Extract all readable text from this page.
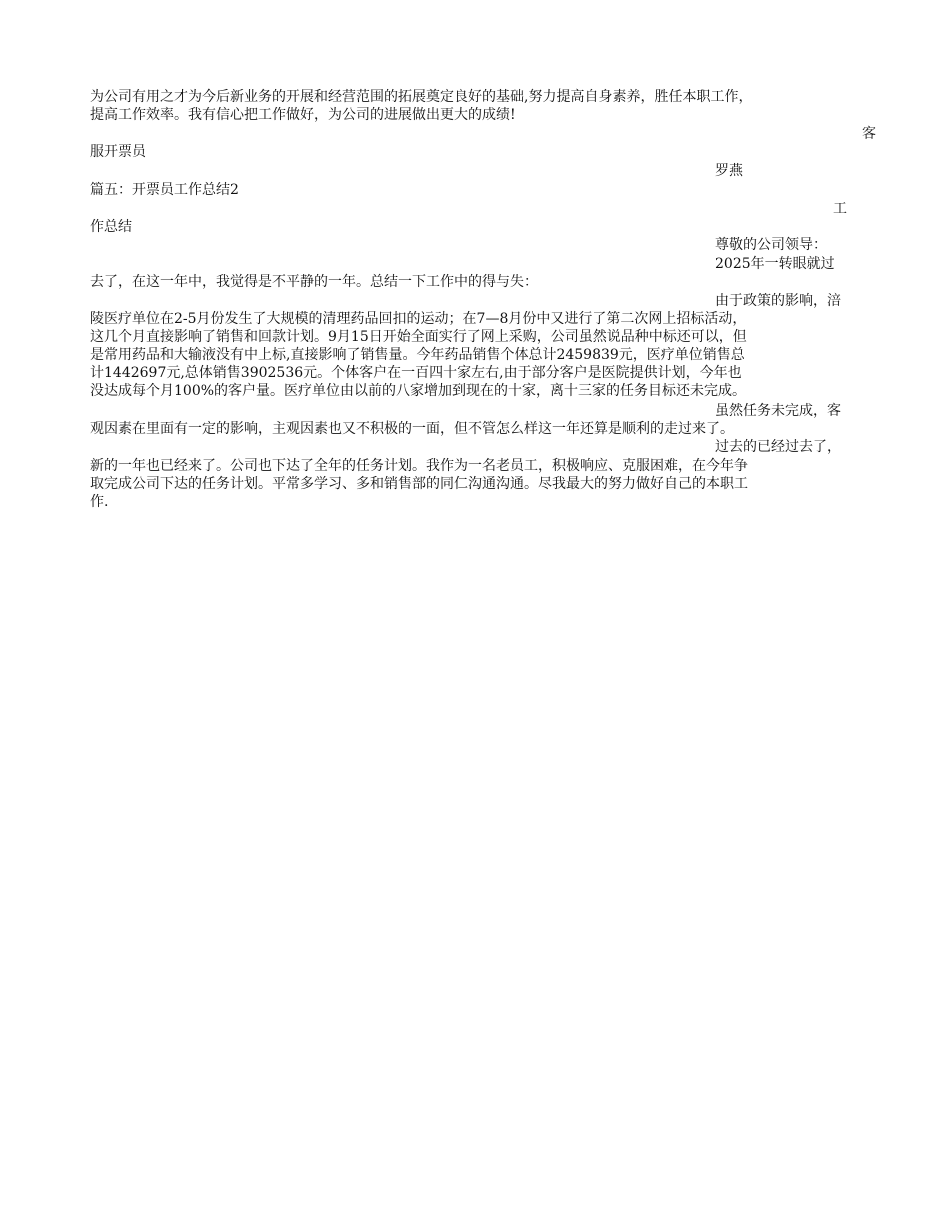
为公司有用之才为今后新业务的开展和经营范围的拓展奠定良好的基础,努力提高自身素养，胜任本职工作，
提高工作效率。我有信心把工作做好，为公司的进展做出更大的成绩!
客
服开票员
罗燕
篇五：开票员工作总结2
工
作总结
尊敬的公司领导：
2025年一转眼就过
去了，在这一年中，我觉得是不平静的一年。总结一下工作中的得与失：
由于政策的影响，涪
陵医疗单位在2-5月份发生了大规模的清理药品回扣的运动；在7—8月份中又进行了第二次网上招标活动，
这几个月直接影响了销售和回款计划。9月15日开始全面实行了网上采购，公司虽然说品种中标还可以，但
是常用药品和大输液没有中上标,直接影响了销售量。今年药品销售个体总计2459839元，医疗单位销售总
计1442697元,总体销售3902536元。个体客户在一百四十家左右,由于部分客户是医院提供计划，今年也
没达成每个月100%的客户量。医疗单位由以前的八家增加到现在的十家，离十三家的任务目标还未完成。
虽然任务未完成，客
观因素在里面有一定的影响，主观因素也又不积极的一面，但不管怎么样这一年还算是顺利的走过来了。
过去的已经过去了，
新的一年也已经来了。公司也下达了全年的任务计划。我作为一名老员工，积极响应、克服困难，在今年争
取完成公司下达的任务计划。平常多学习、多和销售部的同仁沟通沟通。尽我最大的努力做好自己的本职工
作.
